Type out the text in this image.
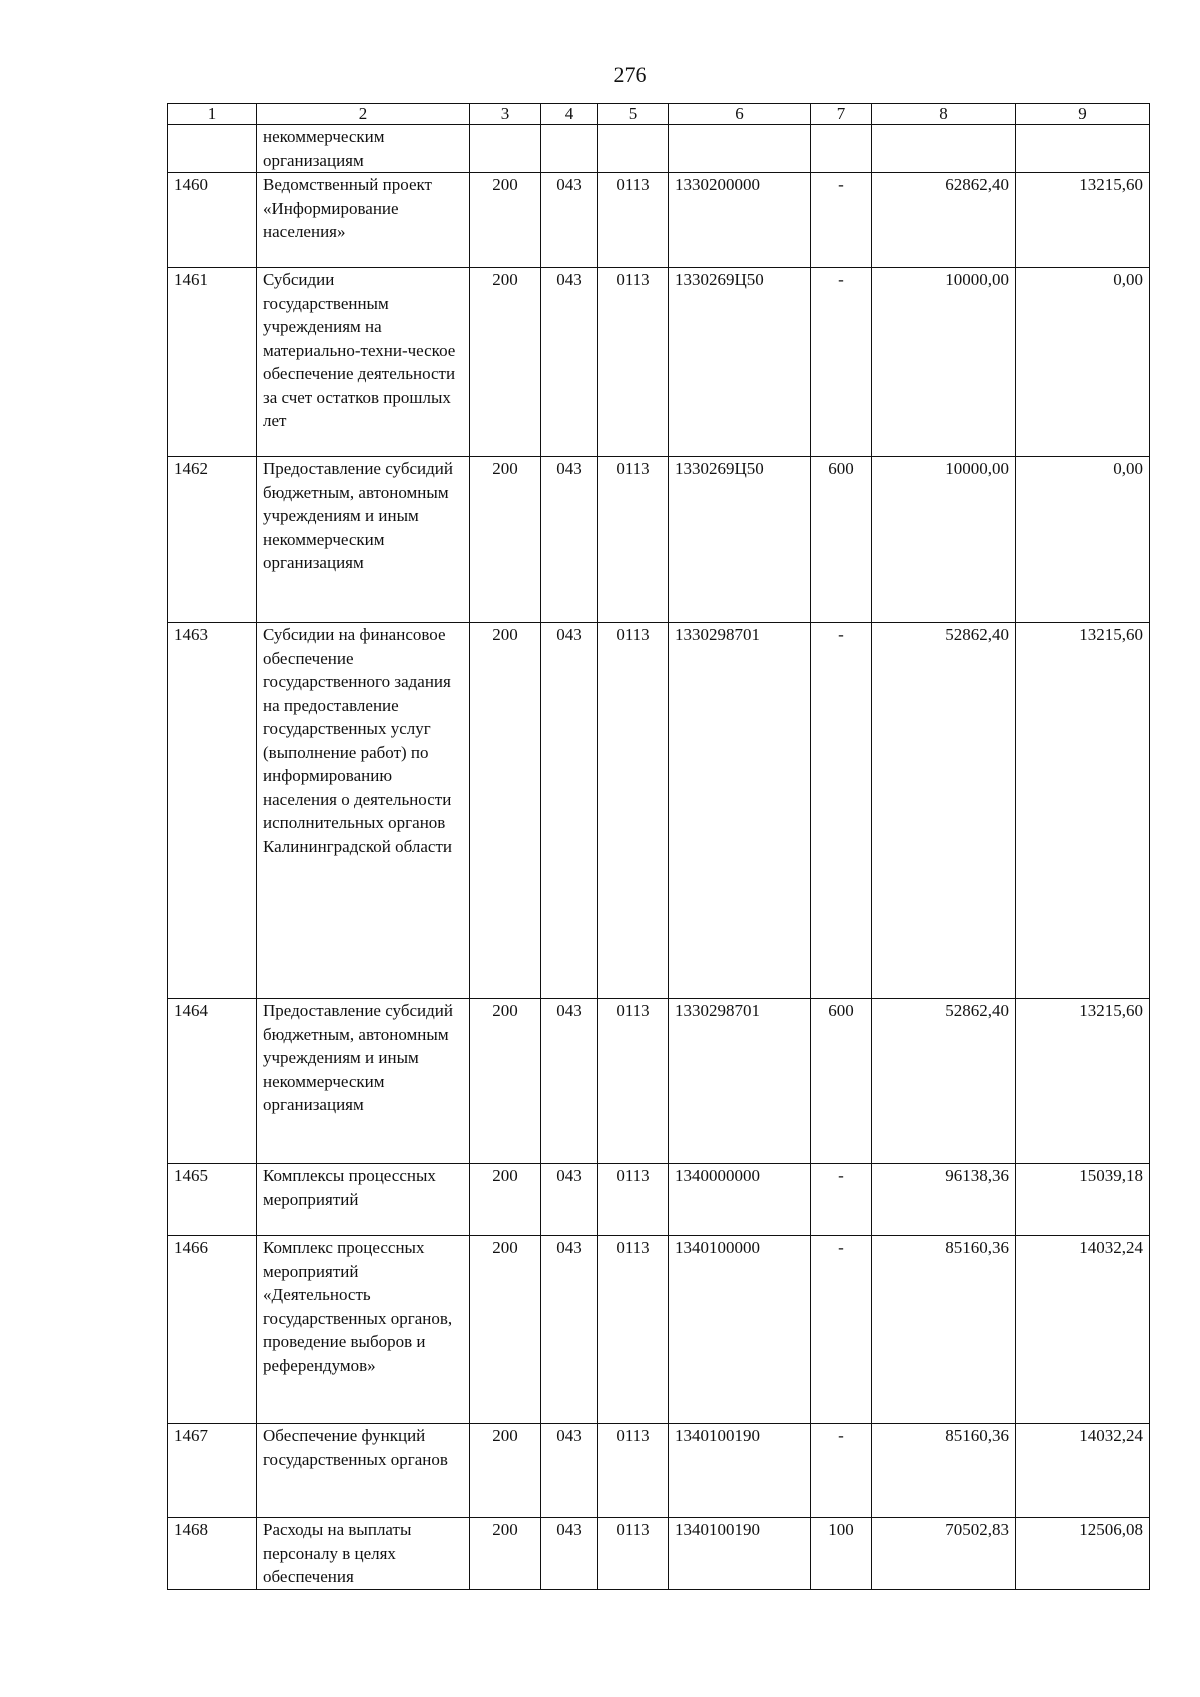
276
1	2	3	4	5	6	7	8	9
	некоммерческим организациям							
1460	Ведомственный проект «Информирование населения»	200	043	0113	1330200000	-	62862,40	13215,60
1461	Субсидии государственным учреждениям на материально-техни-ческое обеспечение деятельности за счет остатков прошлых лет	200	043	0113	1330269Ц50	-	10000,00	0,00
1462	Предоставление субсидий бюджетным, автономным учреждениям и иным некоммерческим организациям	200	043	0113	1330269Ц50	600	10000,00	0,00
1463	Субсидии на финансовое обеспечение государственного задания на предоставление государственных услуг (выполнение работ) по информированию населения о деятельности исполнительных органов Калининградской области	200	043	0113	1330298701	-	52862,40	13215,60
1464	Предоставление субсидий бюджетным, автономным учреждениям и иным некоммерческим организациям	200	043	0113	1330298701	600	52862,40	13215,60
1465	Комплексы процессных мероприятий	200	043	0113	1340000000	-	96138,36	15039,18
1466	Комплекс процессных мероприятий «Деятельность государственных органов, проведение выборов и референдумов»	200	043	0113	1340100000	-	85160,36	14032,24
1467	Обеспечение функций государственных органов	200	043	0113	1340100190	-	85160,36	14032,24
1468	Расходы на выплаты персоналу в целях обеспечения	200	043	0113	1340100190	100	70502,83	12506,08
